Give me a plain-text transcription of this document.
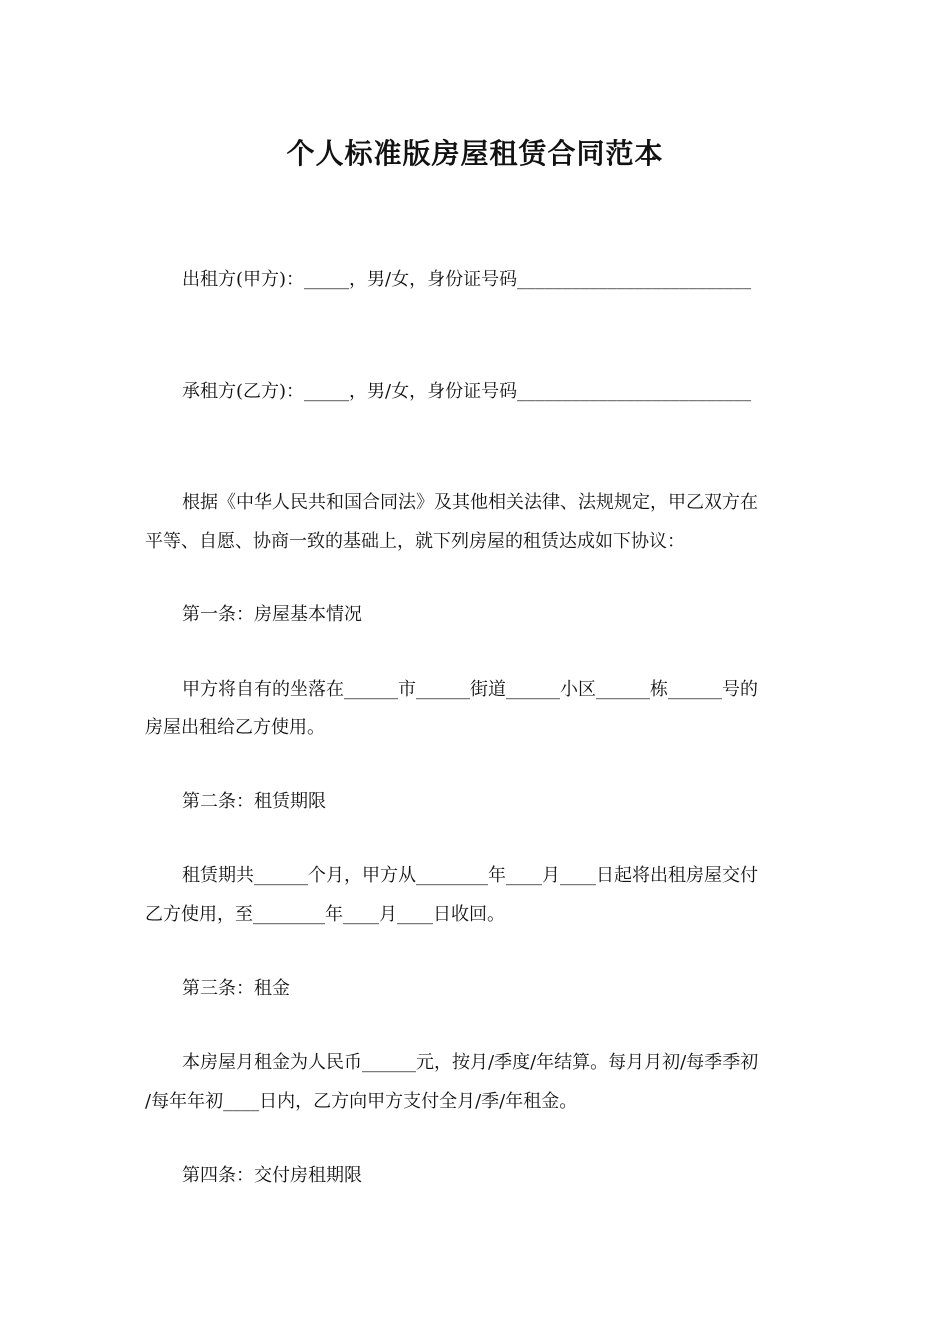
个人标准版房屋租赁合同范本
出租方(甲方)：_____，男/女，身份证号码__________________________
承租方(乙方)：_____，男/女，身份证号码__________________________
根据《中华人民共和国合同法》及其他相关法律、法规规定，甲乙双方在
平等、自愿、协商一致的基础上，就下列房屋的租赁达成如下协议：
第一条：房屋基本情况
甲方将自有的坐落在______市______街道______小区______栋______号的
房屋出租给乙方使用。
第二条：租赁期限
租赁期共______个月，甲方从________年____月____日起将出租房屋交付
乙方使用，至________年____月____日收回。
第三条：租金
本房屋月租金为人民币______元，按月/季度/年结算。每月月初/每季季初
/每年年初____日内，乙方向甲方支付全月/季/年租金。
第四条：交付房租期限
